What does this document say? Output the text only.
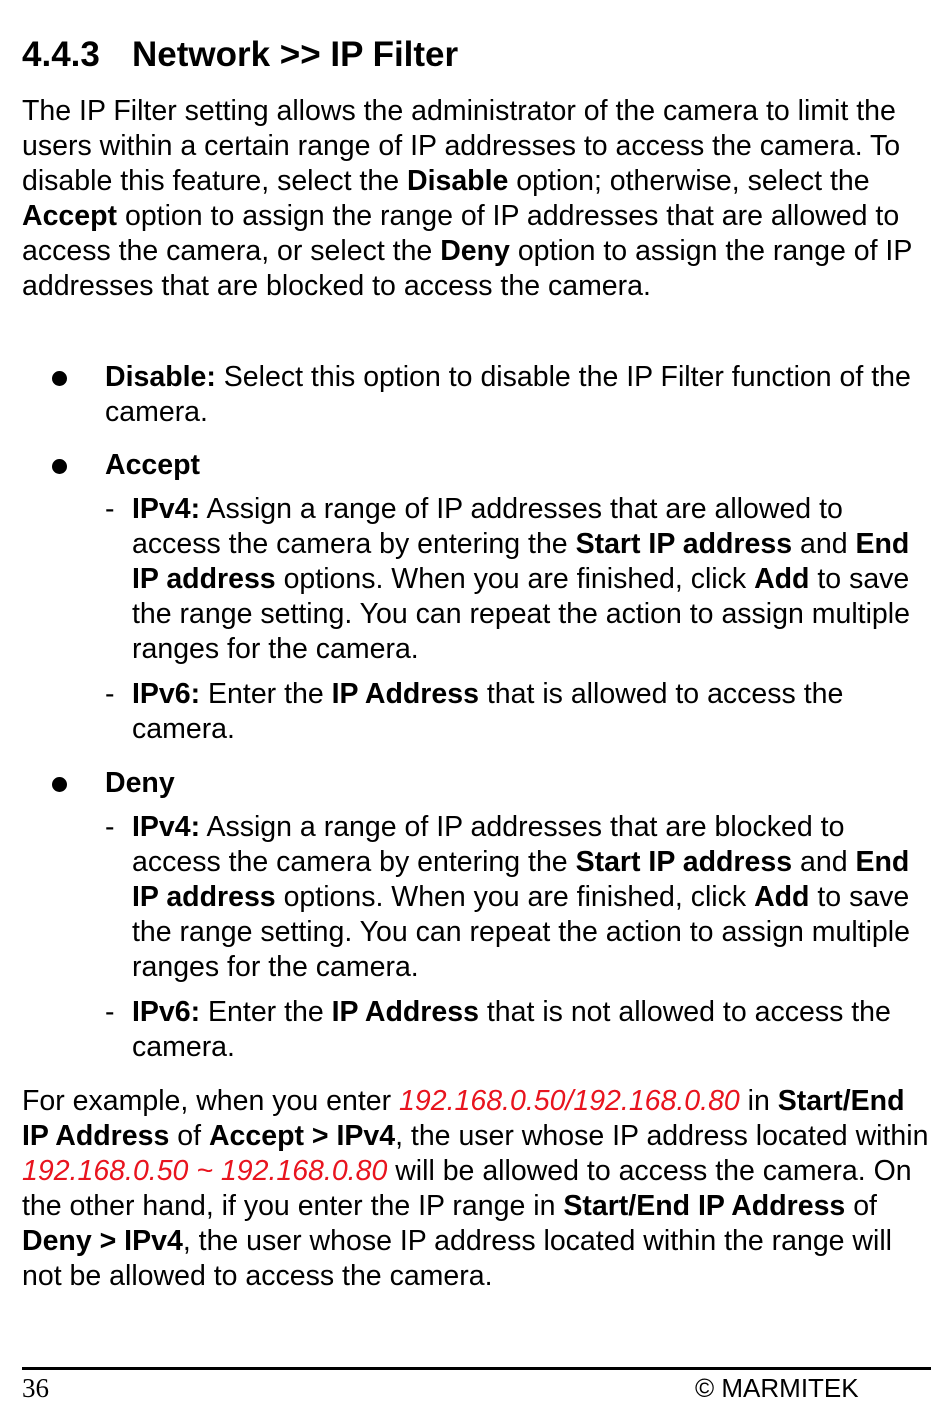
4.4.3 Network >> IP Filter

The IP Filter setting allows the administrator of the camera to limit the users within a certain range of IP addresses to access the camera. To disable this feature, select the Disable option; otherwise, select the Accept option to assign the range of IP addresses that are allowed to access the camera, or select the Deny option to assign the range of IP addresses that are blocked to access the camera.

Disable: Select this option to disable the IP Filter function of the camera.

Accept

- IPv4: Assign a range of IP addresses that are allowed to access the camera by entering the Start IP address and End IP address options. When you are finished, click Add to save the range setting. You can repeat the action to assign multiple ranges for the camera.

- IPv6: Enter the IP Address that is allowed to access the camera.

Deny

- IPv4: Assign a range of IP addresses that are blocked to access the camera by entering the Start IP address and End IP address options. When you are finished, click Add to save the range setting. You can repeat the action to assign multiple ranges for the camera.

- IPv6: Enter the IP Address that is not allowed to access the camera.

For example, when you enter 192.168.0.50/192.168.0.80 in Start/End IP Address of Accept > IPv4, the user whose IP address located within 192.168.0.50 ~ 192.168.0.80 will be allowed to access the camera. On the other hand, if you enter the IP range in Start/End IP Address of Deny > IPv4, the user whose IP address located within the range will not be allowed to access the camera.

36	© MARMITEK
